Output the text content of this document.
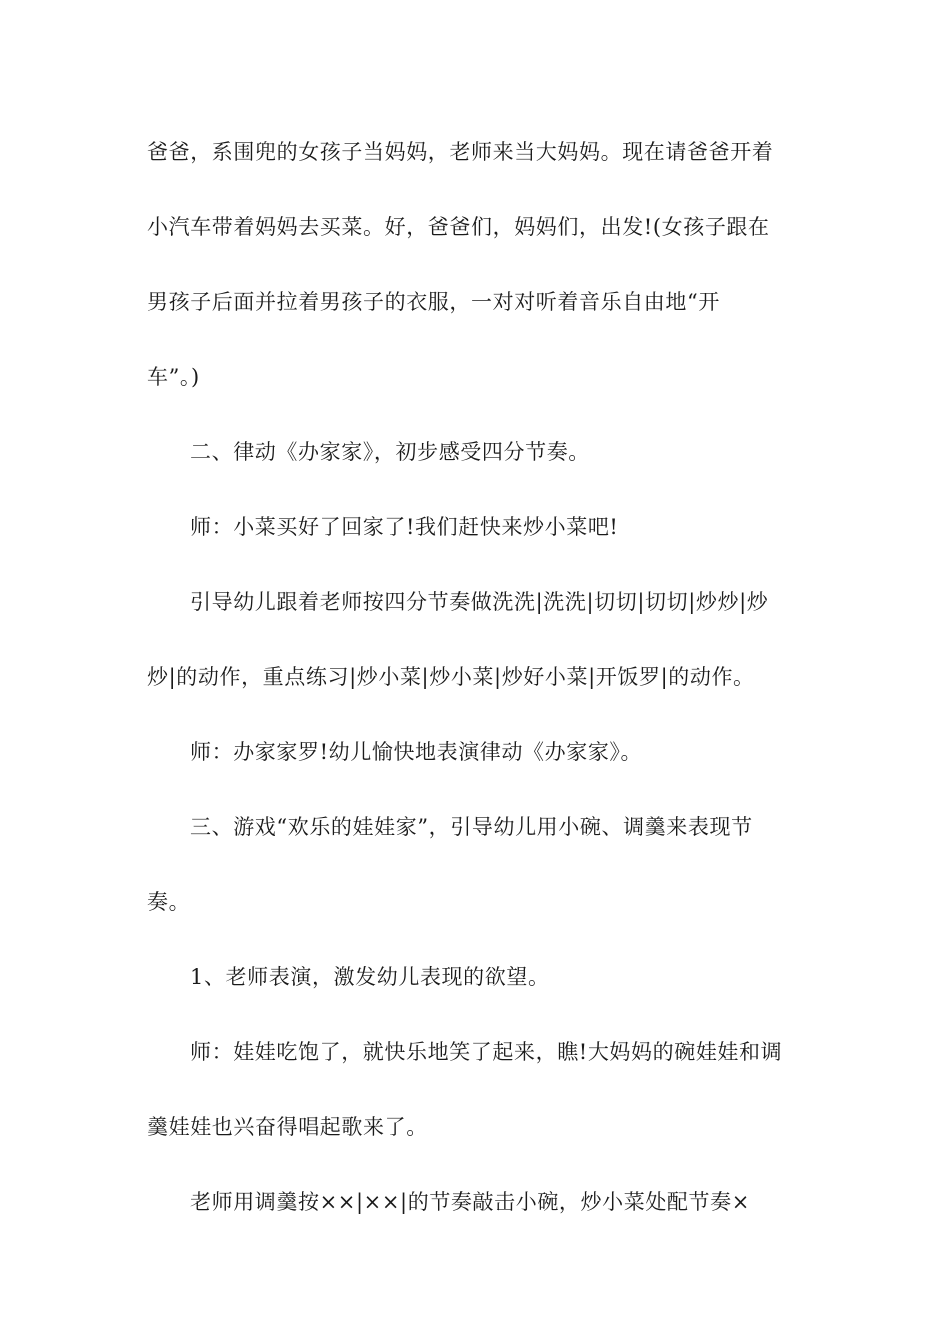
爸爸，系围兜的女孩子当妈妈，老师来当大妈妈。现在请爸爸开着
小汽车带着妈妈去买菜。好，爸爸们，妈妈们，出发!(女孩子跟在
男孩子后面并拉着男孩子的衣服，一对对听着音乐自由地“开
车”。)
二、律动《办家家》，初步感受四分节奏。
师：小菜买好了回家了!我们赶快来炒小菜吧!
引导幼儿跟着老师按四分节奏做洗洗|洗洗|切切|切切|炒炒|炒
炒|的动作，重点练习|炒小菜|炒小菜|炒好小菜|开饭罗|的动作。
师：办家家罗!幼儿愉快地表演律动《办家家》。
三、游戏“欢乐的娃娃家”，引导幼儿用小碗、调羹来表现节
奏。
1、老师表演，激发幼儿表现的欲望。
师：娃娃吃饱了，就快乐地笑了起来，瞧!大妈妈的碗娃娃和调
羹娃娃也兴奋得唱起歌来了。
老师用调羹按××|××|的节奏敲击小碗，炒小菜处配节奏×
